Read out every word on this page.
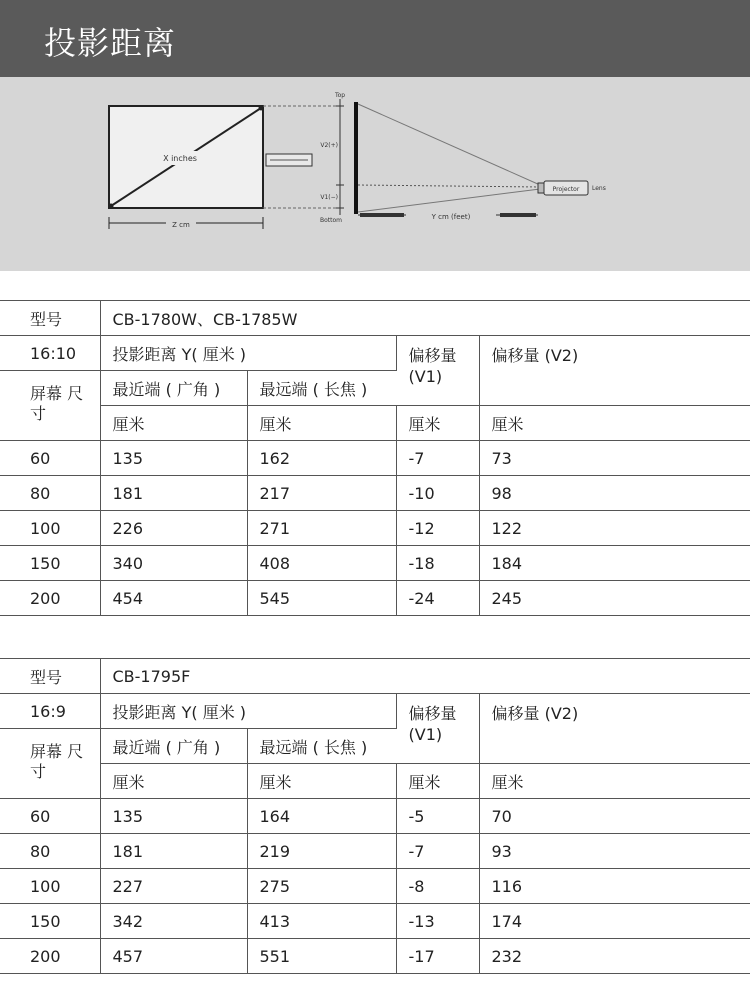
投影距离
X inches
Z cm
Top
V2(+)
V1(−)
Bottom
Projector Lens
Y cm (feet)
型号	CB-1780W、CB-1785W			
16:10	投影距离 Y( 厘米 )		偏移量 (V1)	偏移量 (V2)
屏幕 尺寸	最近端 ( 广角 )	最远端 ( 长焦 )		
	厘米	厘米	厘米	厘米
60	135	162	-7	73
80	181	217	-10	98
100	226	271	-12	122
150	340	408	-18	184
200	454	545	-24	245
型号	CB-1795F			
16:9	投影距离 Y( 厘米 )		偏移量 (V1)	偏移量 (V2)
屏幕 尺寸	最近端 ( 广角 )	最远端 ( 长焦 )		
	厘米	厘米	厘米	厘米
60	135	164	-5	70
80	181	219	-7	93
100	227	275	-8	116
150	342	413	-13	174
200	457	551	-17	232
